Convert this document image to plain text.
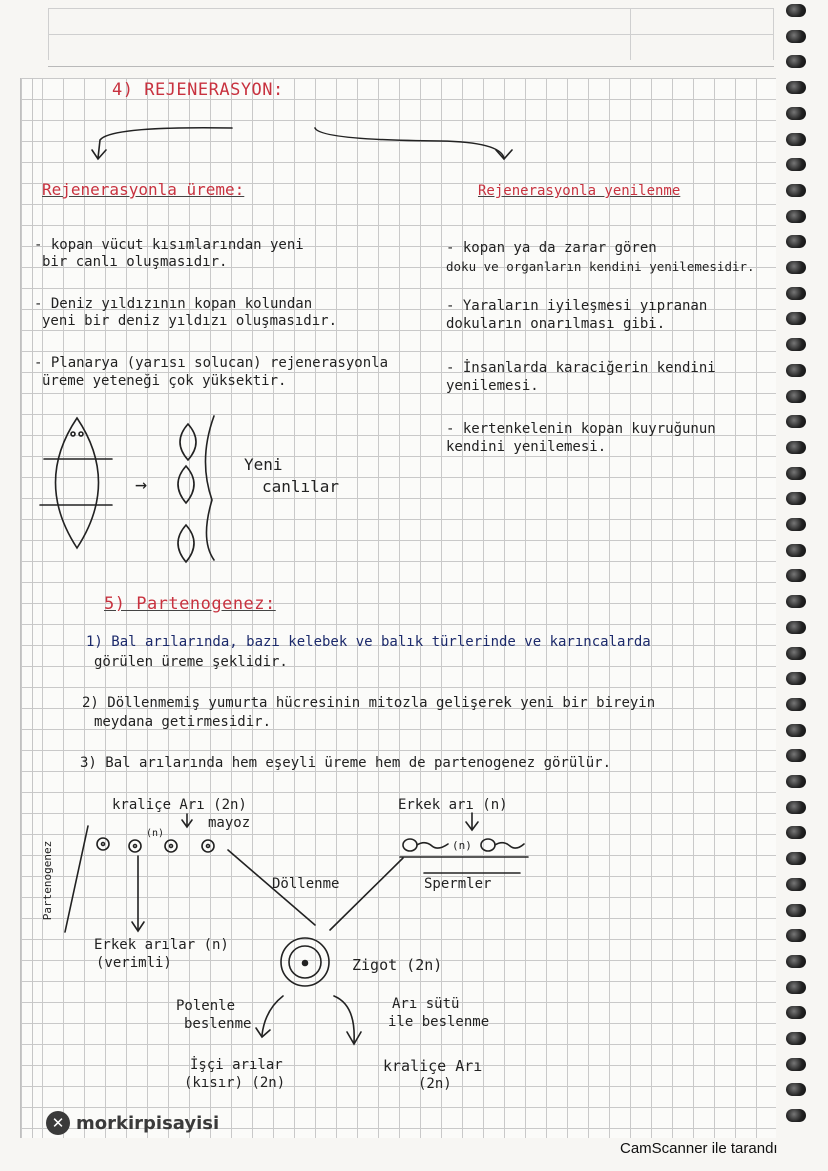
4) REJENERASYON:
Rejenerasyonla üreme:	Rejenerasyonla yenilenme
- kopan vücut kısımlarından yeni
bir canlı oluşmasıdır.
- Deniz yıldızının kopan kolundan
yeni bir deniz yıldızı oluşmasıdır.
- Planarya (yarısı solucan) rejenerasyonla
üreme yeteneği çok yüksektir.
- kopan ya da zarar gören
doku ve organların kendini yenilemesidir.
- Yaraların iyileşmesi yıpranan
dokuların onarılması gibi.
- İnsanlarda karaciğerin kendini
yenilemesi.
- kertenkelenin kopan kuyruğunun
kendini yenilemesi.
→
Yeni
canlılar
5) Partenogenez:
1) Bal arılarında, bazı kelebek ve balık türlerinde ve karıncalarda
görülen üreme şeklidir.
2) Döllenmemiş yumurta hücresinin mitozla gelişerek yeni bir bireyin
meydana getirmesidir.
3) Bal arılarında hem eşeyli üreme hem de partenogenez görülür.
kraliçe Arı (2n)
mayoz
(n)
Erkek arı (n)
(n)
Döllenme	Spermler
Partenogenez
Erkek arılar (n)
(verimli)	Zigot (2n)
Polenle
beslenme
Arı sütü
ile beslenme
İşçi arılar
(kısır) (2n)
kraliçe Arı
(2n)
✕ morkirpisayisi
CamScanner ile tarandı
